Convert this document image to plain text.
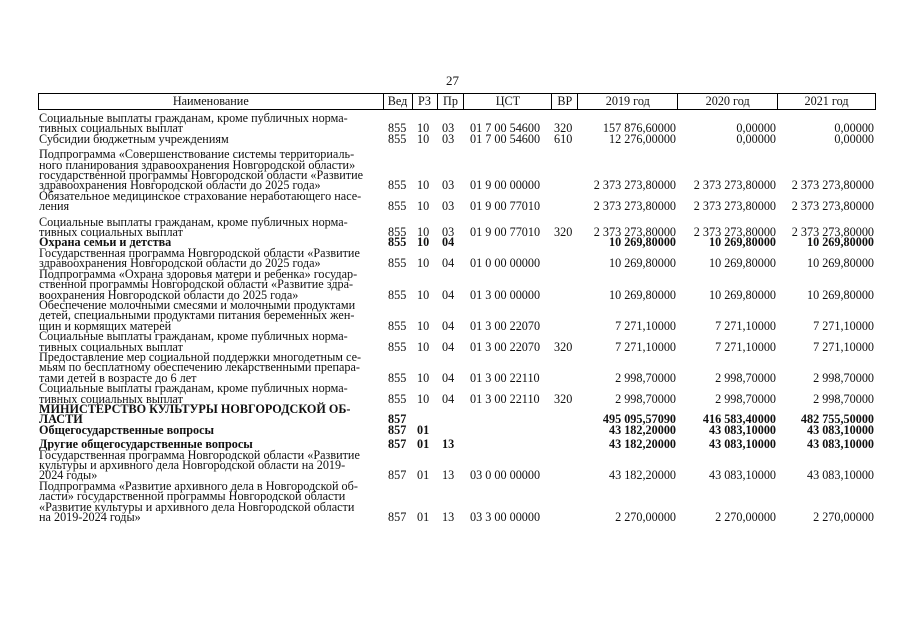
27
Наименование	Вед РЗ Пр	ЦСТ	ВР	2019 год	2020 год	2021 год
Социальные выплаты гражданам, кроме публичных норма-
тивных социальных выплат	855 10	03	01 7 00 54600	320	157 876,60000	0,00000	0,00000
Субсидии бюджетным учреждениям	855 10	03	01 7 00 54600	610	12 276,00000	0,00000	0,00000
Подпрограмма «Совершенствование системы территориаль-
ного планирования здравоохранения Новгородской области»
государственной программы Новгородской области «Развитие
здравоохранения Новгородской области до 2025 года»	855 10	03	01 9 00 00000	2 373 273,80000	2 373 273,80000	2 373 273,80000
Обязательное медицинское страхование неработающего насе-
ления	855 10	03	01 9 00 77010	2 373 273,80000	2 373 273,80000	2 373 273,80000
Социальные выплаты гражданам, кроме публичных норма-
тивных социальных выплат	855 10	03	01 9 00 77010	320	2 373 273,80000	2 373 273,80000	2 373 273,80000
Охрана семьи и детства	855 10	04	10 269,80000	10 269,80000	10 269,80000
Государственная программа Новгородской области «Развитие
здравоохранения Новгородской области до 2025 года»	855 10	04	01 0 00 00000	10 269,80000	10 269,80000	10 269,80000
Подпрограмма «Охрана здоровья матери и ребенка» государ-
ственной программы Новгородской области «Развитие здра-
воохранения Новгородской области до 2025 года»	855 10	04	01 3 00 00000	10 269,80000	10 269,80000	10 269,80000
Обеспечение молочными смесями и молочными продуктами
детей, специальными продуктами питания беременных жен-
щин и кормящих матерей	855 10	04	01 3 00 22070	7 271,10000	7 271,10000	7 271,10000
Социальные выплаты гражданам, кроме публичных норма-
тивных социальных выплат	855 10	04	01 3 00 22070	320	7 271,10000	7 271,10000	7 271,10000
Предоставление мер социальной поддержки многодетным се-
мьям по бесплатному обеспечению лекарственными препара-
тами детей в возрасте до 6 лет	855 10	04	01 3 00 22110	2 998,70000	2 998,70000	2 998,70000
Социальные выплаты гражданам, кроме публичных норма-
тивных социальных выплат	855 10	04	01 3 00 22110	320	2 998,70000	2 998,70000	2 998,70000
МИНИСТЕРСТВО КУЛЬТУРЫ НОВГОРОДСКОЙ ОБ-
ЛАСТИ	857	495 095,57090	416 583,40000	482 755,50000
Общегосударственные вопросы	857 01	43 182,20000	43 083,10000	43 083,10000
Другие общегосударственные вопросы	857 01	13	43 182,20000	43 083,10000	43 083,10000
Государственная программа Новгородской области «Развитие
культуры и архивного дела Новгородской области на 2019-
2024 годы»	857 01	13	03 0 00 00000	43 182,20000	43 083,10000	43 083,10000
Подпрограмма «Развитие архивного дела в Новгородской об-
ласти» государственной программы Новгородской области
«Развитие культуры и архивного дела Новгородской области
на 2019-2024 годы»	857 01	13	03 3 00 00000	2 270,00000	2 270,00000	2 270,00000
